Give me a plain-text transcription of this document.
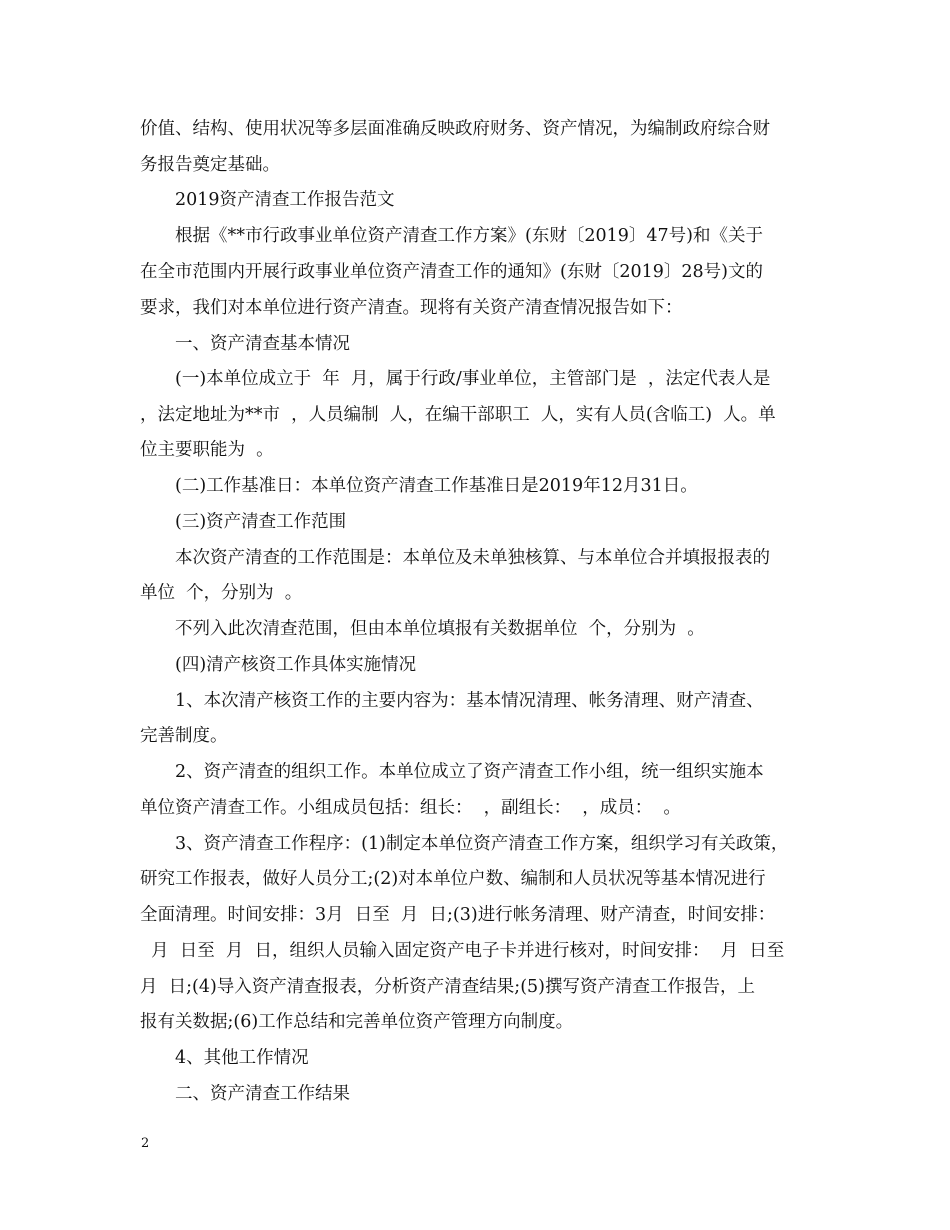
价值、结构、使用状况等多层面准确反映政府财务、资产情况，为编制政府综合财
务报告奠定基础。
2019资产清查工作报告范文
根据《**市行政事业单位资产清查工作方案》(东财〔2019〕47号)和《关于
在全市范围内开展行政事业单位资产清查工作的通知》(东财〔2019〕28号)文的
要求，我们对本单位进行资产清查。现将有关资产清查情况报告如下：
一、资产清查基本情况
(一)本单位成立于  年  月，属于行政/事业单位，主管部门是  ，法定代表人是
，法定地址为**市  ，人员编制  人，在编干部职工  人，实有人员(含临工)  人。单
位主要职能为  。
(二)工作基准日：本单位资产清查工作基准日是2019年12月31日。
(三)资产清查工作范围
本次资产清查的工作范围是：本单位及未单独核算、与本单位合并填报报表的
单位  个，分别为  。
不列入此次清查范围，但由本单位填报有关数据单位  个，分别为  。
(四)清产核资工作具体实施情况
1、本次清产核资工作的主要内容为：基本情况清理、帐务清理、财产清查、
完善制度。
2、资产清查的组织工作。本单位成立了资产清查工作小组，统一组织实施本
单位资产清查工作。小组成员包括：组长：  ，副组长：  ，成员：  。
3、资产清查工作程序：(1)制定本单位资产清查工作方案，组织学习有关政策，
研究工作报表，做好人员分工;(2)对本单位户数、编制和人员状况等基本情况进行
全面清理。时间安排：3月  日至  月  日;(3)进行帐务清理、财产清查，时间安排：
月  日至  月  日，组织人员输入固定资产电子卡并进行核对，时间安排：  月  日至
月  日;(4)导入资产清查报表，分析资产清查结果;(5)撰写资产清查工作报告，上
报有关数据;(6)工作总结和完善单位资产管理方向制度。
4、其他工作情况
二、资产清查工作结果
2
